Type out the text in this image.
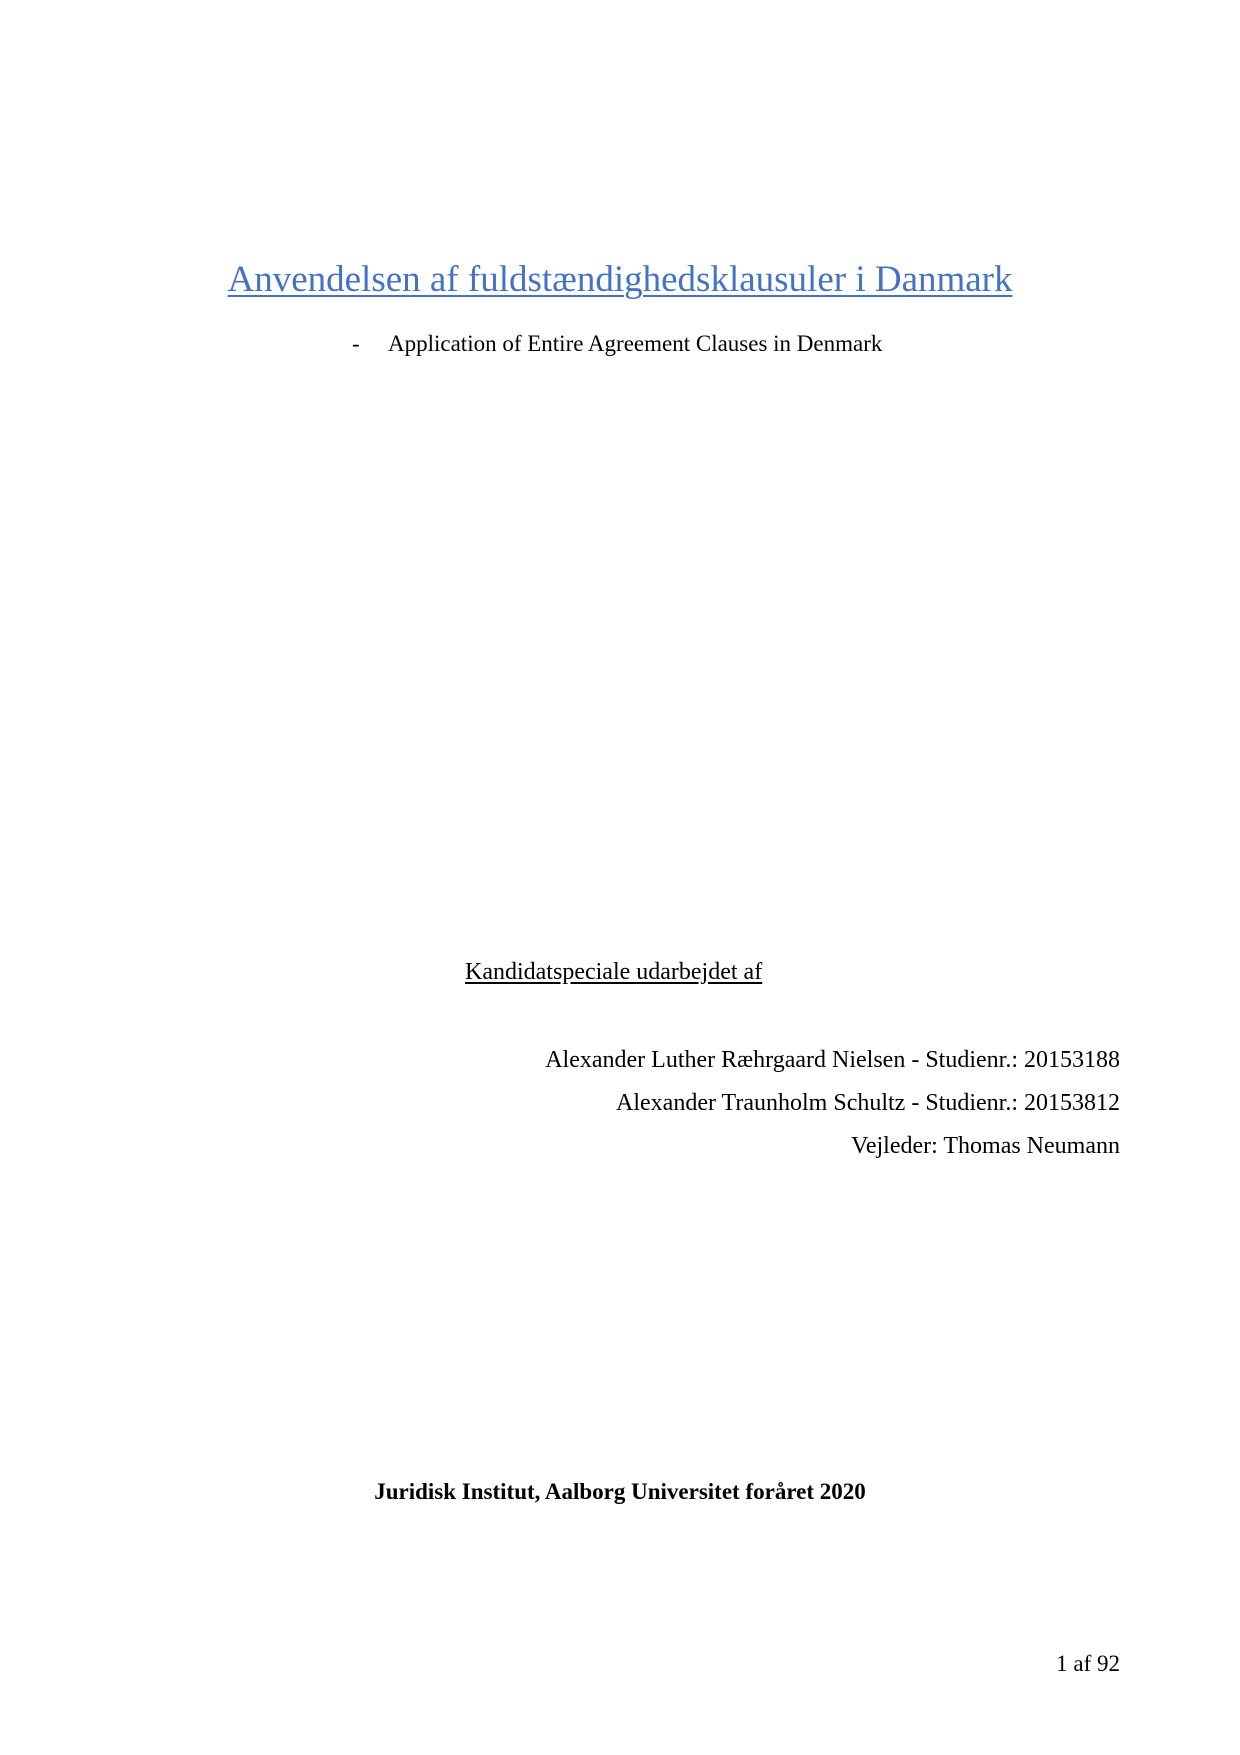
Anvendelsen af fuldstændighedsklausuler i Danmark
- Application of Entire Agreement Clauses in Denmark
Kandidatspeciale udarbejdet af
Alexander Luther Ræhrgaard Nielsen - Studienr.: 20153188
Alexander Traunholm Schultz - Studienr.: 20153812
Vejleder: Thomas Neumann
Juridisk Institut, Aalborg Universitet foråret 2020
1 af 92
